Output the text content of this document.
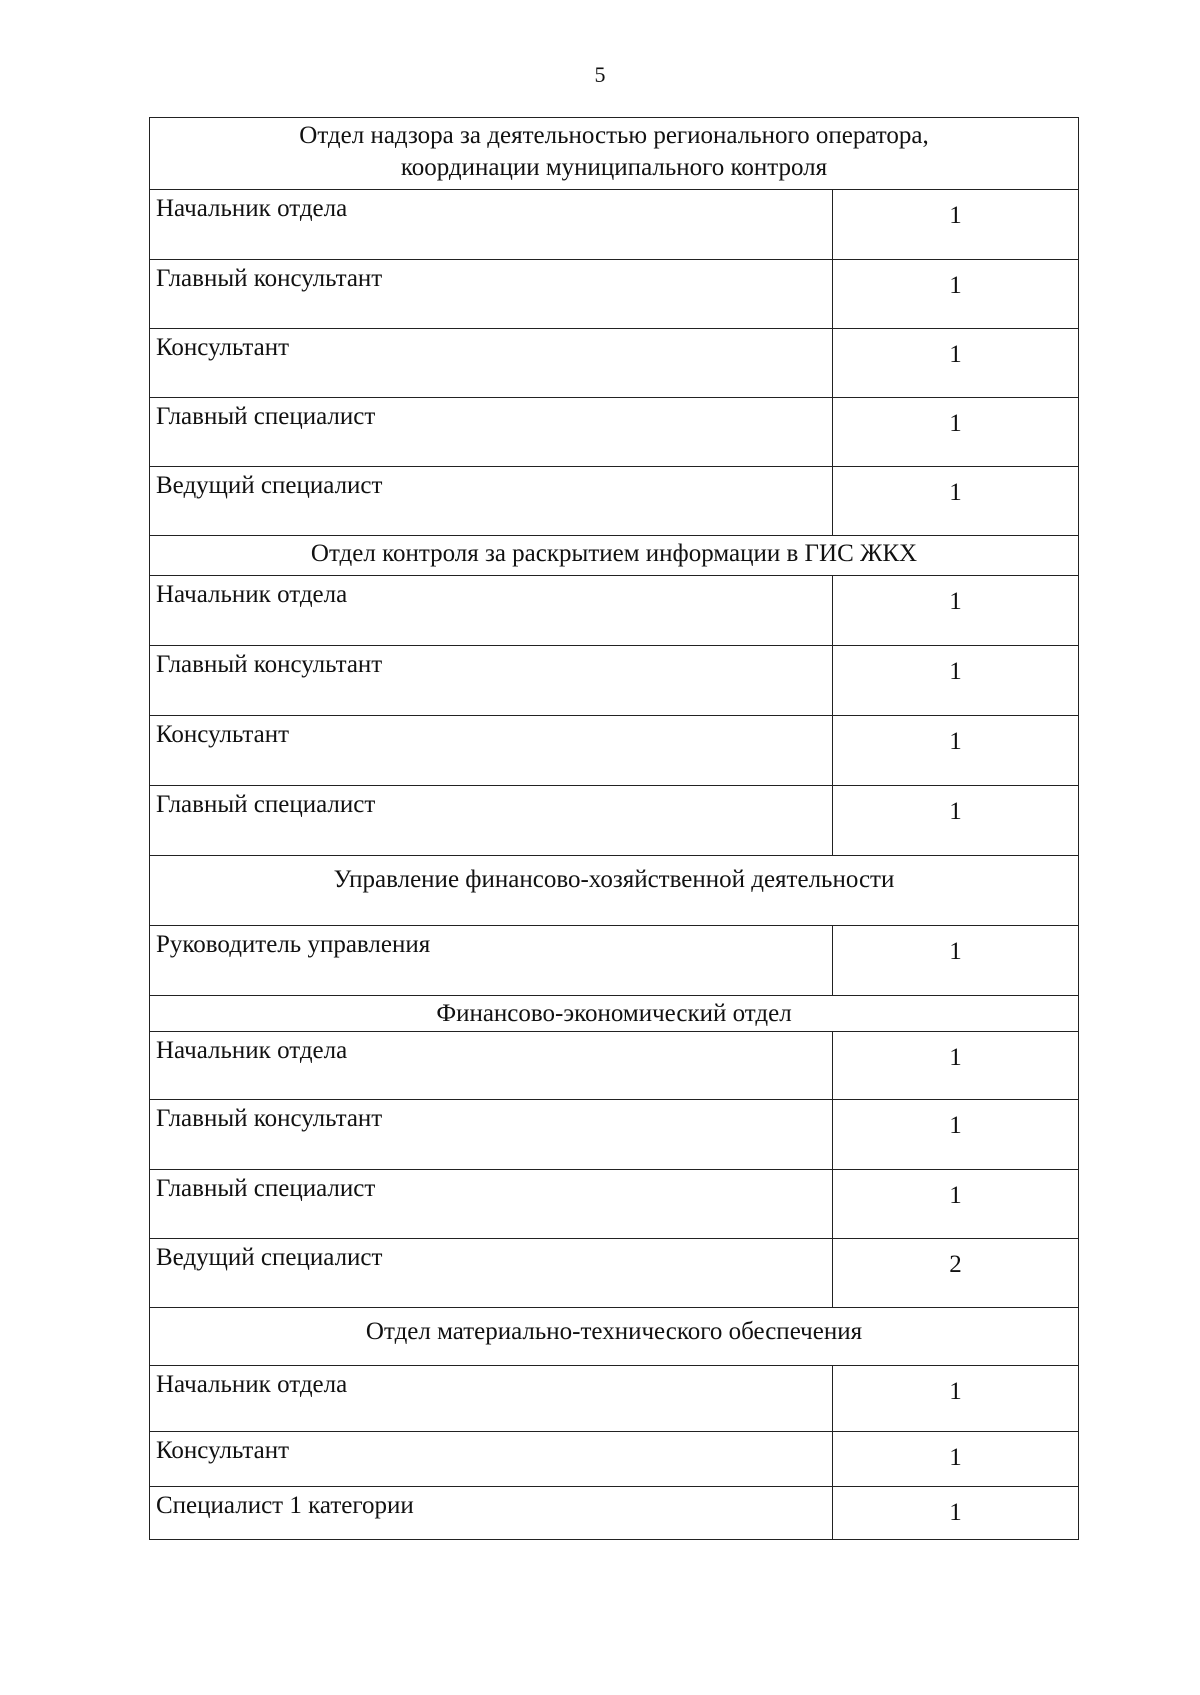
5
Отдел надзора за деятельностью регионального оператора,
координации муниципального контроля	

Начальник отдела	1
Главный консультант	1
Консультант	1
Главный специалист	1
Ведущий специалист	1

Отдел контроля за раскрытием информации в ГИС ЖКХ	

Начальник отдела	1
Главный консультант	1
Консультант	1
Главный специалист	1

Управление финансово-хозяйственной деятельности	

Руководитель управления	1

Финансово-экономический отдел	

Начальник отдела	1
Главный консультант	1
Главный специалист	1
Ведущий специалист	2

Отдел материально-технического обеспечения	

Начальник отдела	1
Консультант	1
Специалист 1 категории	1
